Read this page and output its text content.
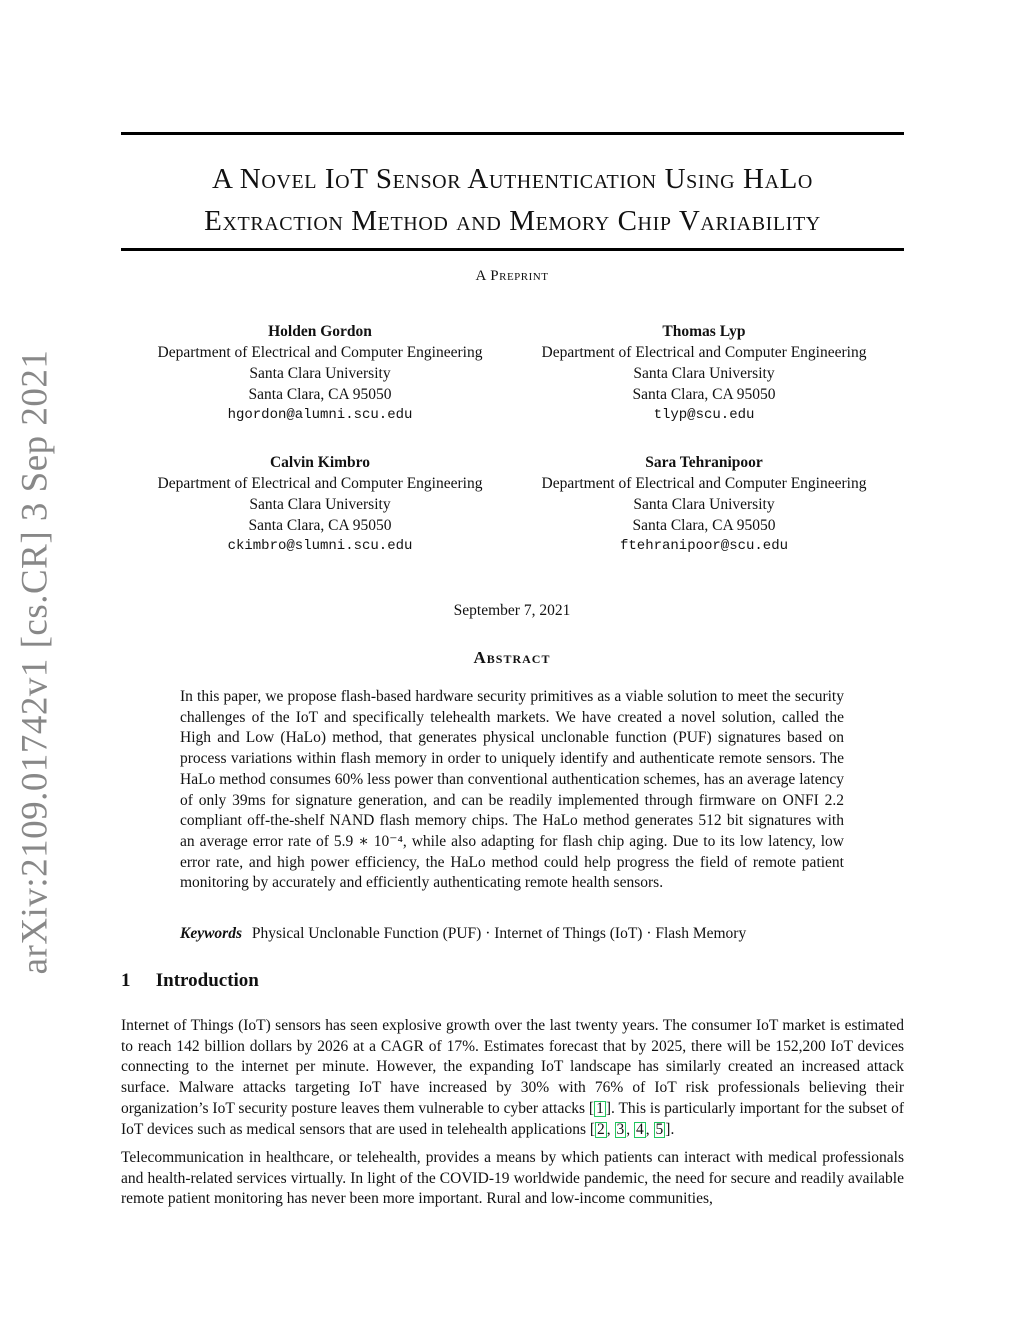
arXiv:2109.01742v1 [cs.CR] 3 Sep 2021
A Novel IoT Sensor Authentication Using HaLo
Extraction Method and Memory Chip Variability
A Preprint
Holden Gordon
Department of Electrical and Computer Engineering
Santa Clara University
Santa Clara, CA 95050
hgordon@alumni.scu.edu
Thomas Lyp
Department of Electrical and Computer Engineering
Santa Clara University
Santa Clara, CA 95050
tlyp@scu.edu
Calvin Kimbro
Department of Electrical and Computer Engineering
Santa Clara University
Santa Clara, CA 95050
ckimbro@slumni.scu.edu
Sara Tehranipoor
Department of Electrical and Computer Engineering
Santa Clara University
Santa Clara, CA 95050
ftehranipoor@scu.edu
September 7, 2021
Abstract

In this paper, we propose flash-based hardware security primitives as a viable solution to meet the security challenges of the IoT and specifically telehealth markets. We have created a novel solution, called the High and Low (HaLo) method, that generates physical unclonable function (PUF) signatures based on process variations within flash memory in order to uniquely identify and authenticate remote sensors. The HaLo method consumes 60% less power than conventional authentication schemes, has an average latency of only 39ms for signature generation, and can be readily implemented through firmware on ONFI 2.2 compliant off-the-shelf NAND flash memory chips. The HaLo method generates 512 bit signatures with an average error rate of 5.9 ∗ 10⁻⁴, while also adapting for flash chip aging. Due to its low latency, low error rate, and high power efficiency, the HaLo method could help progress the field of remote patient monitoring by accurately and efficiently authenticating remote health sensors.

Keywords Physical Unclonable Function (PUF) · Internet of Things (IoT) · Flash Memory
1 Introduction

Internet of Things (IoT) sensors has seen explosive growth over the last twenty years. The consumer IoT market is estimated to reach 142 billion dollars by 2026 at a CAGR of 17%. Estimates forecast that by 2025, there will be 152,200 IoT devices connecting to the internet per minute. However, the expanding IoT landscape has similarly created an increased attack surface. Malware attacks targeting IoT have increased by 30% with 76% of IoT risk professionals believing their organization’s IoT security posture leaves them vulnerable to cyber attacks [ 1 ]. This is particularly important for the subset of IoT devices such as medical sensors that are used in telehealth applications [ 2 , 3 , 4 , 5 ].

Telecommunication in healthcare, or telehealth, provides a means by which patients can interact with medical professionals and health-related services virtually. In light of the COVID-19 worldwide pandemic, the need for secure and readily available remote patient monitoring has never been more important. Rural and low-income communities,
